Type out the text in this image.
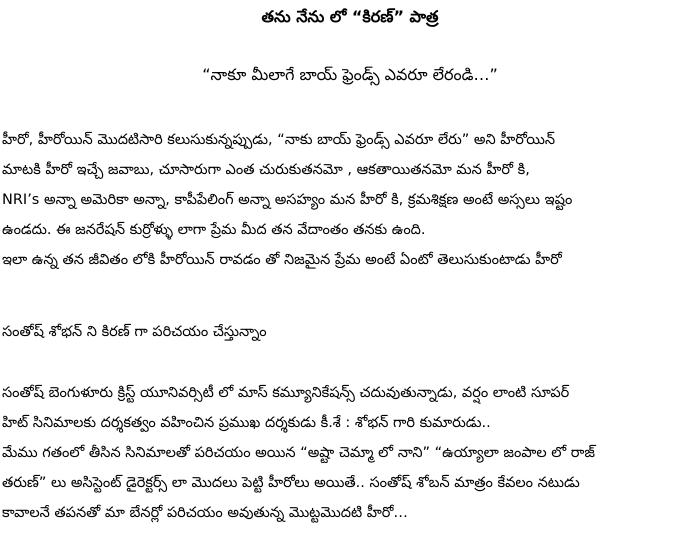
తను నేను లో “కిరణ్” పాత్ర

“నాకూ మీలాగే బాయ్ ఫ్రెండ్స్ ఎవరూ లేరండి…”

హీరో, హీరోయిన్ మొదటిసారి కలుసుకున్నప్పుడు, “నాకు బాయ్ ఫ్రెండ్స్ ఎవరూ లేరు” అని హీరోయిన్
మాటకి హీరో ఇచ్చే జవాబు, చూసారుగా ఎంత చురుకుతనమో , ఆకతాయితనమో మన హీరో కి,
NRI’s అన్నా అమెరికా అన్నా, కాపీపేలింగ్ అన్నా అసహ్యం మన హీరో కి, క్రమశిక్షణ అంటే అస్సలు ఇష్టం
ఉండదు. ఈ జనరేషన్ కుర్రోళ్ళు లాగా ప్రేమ మీద తన వేదాంతం తనకు ఉంది.
ఇలా ఉన్న తన జీవితం లోకి హీరోయిన్ రావడం తో నిజమైన ప్రేమ అంటే ఏంటో తెలుసుకుంటాడు హీరో

సంతోష్ శోభన్ ని కిరణ్ గా పరిచయం చేస్తున్నాం

సంతోష్ బెంగుళూరు క్రిస్ట్ యూనివర్సిటీ లో మాస్ కమ్యూనికేషన్స్ చదువుతున్నాడు, వర్షం లాంటి సూపర్
హిట్ సినిమాలకు దర్శకత్వం వహించిన ప్రముఖ దర్శకుడు కీ.శే : శోభన్ గారి కుమారుడు..
మేము గతంలో తీసిన సినిమాలతో పరిచయం అయిన “అష్టా చెమ్మా లో నాని” “ఉయ్యాలా జంపాల లో రాజ్
తరుణ్” లు అసిస్టెంట్ డైరెక్టర్స్ లా మొదలు పెట్టి హీరోలు అయితే.. సంతోష్ శోబన్ మాత్రం కేవలం నటుడు
కావాలనే తపనతో మా బేనర్లో పరిచయం అవుతున్న మొట్టమొదటి హీరో…
